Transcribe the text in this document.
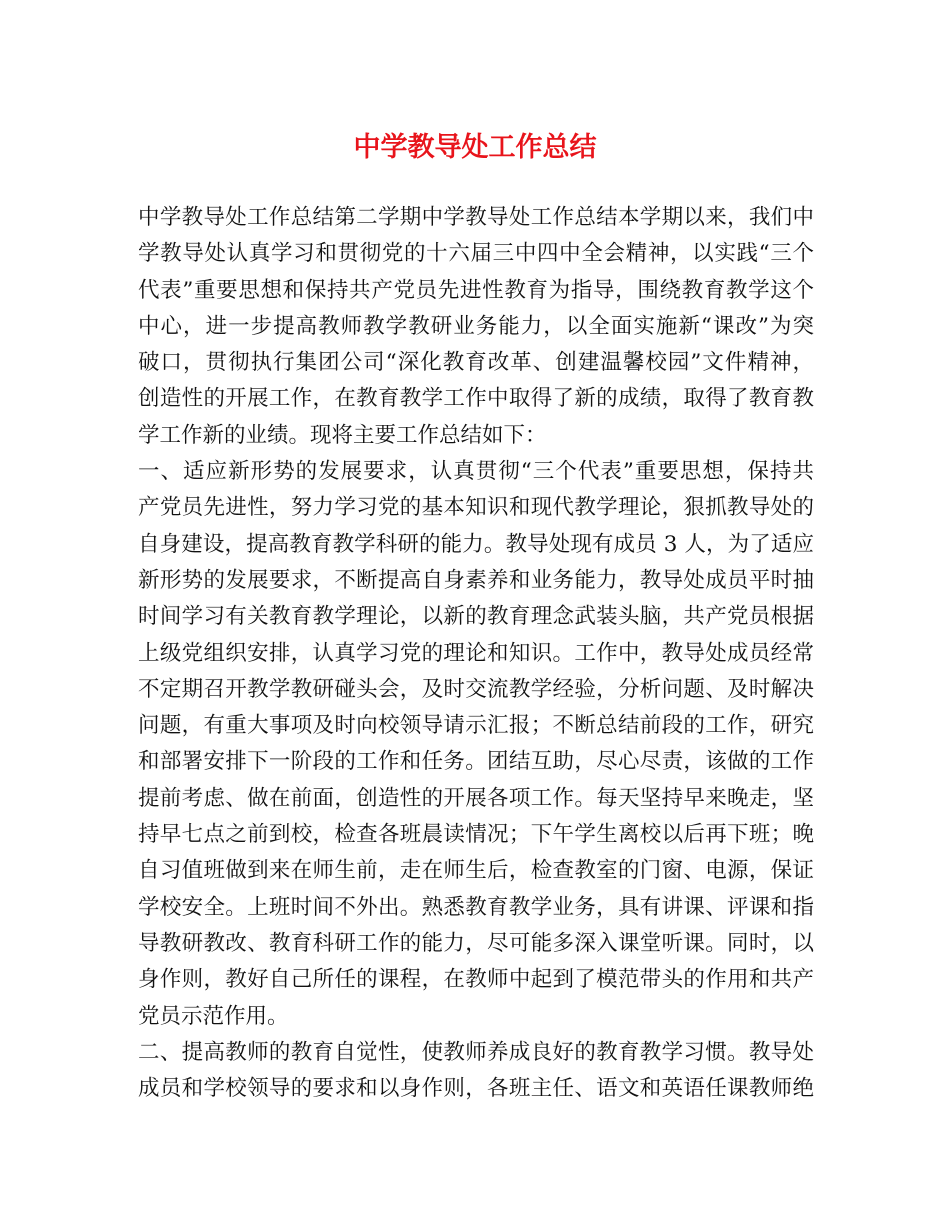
中学教导处工作总结
中学教导处工作总结第二学期中学教导处工作总结本学期以来，我们中
学教导处认真学习和贯彻党的十六届三中四中全会精神，以实践“三个
代表”重要思想和保持共产党员先进性教育为指导，围绕教育教学这个
中心，进一步提高教师教学教研业务能力，以全面实施新“课改”为突
破口，贯彻执行集团公司“深化教育改革、创建温馨校园”文件精神，
创造性的开展工作，在教育教学工作中取得了新的成绩，取得了教育教
学工作新的业绩。现将主要工作总结如下：
一、适应新形势的发展要求，认真贯彻“三个代表”重要思想，保持共
产党员先进性，努力学习党的基本知识和现代教学理论，狠抓教导处的
自身建设，提高教育教学科研的能力。教导处现有成员 3 人，为了适应
新形势的发展要求，不断提高自身素养和业务能力，教导处成员平时抽
时间学习有关教育教学理论，以新的教育理念武装头脑，共产党员根据
上级党组织安排，认真学习党的理论和知识。工作中，教导处成员经常
不定期召开教学教研碰头会，及时交流教学经验，分析问题、及时解决
问题，有重大事项及时向校领导请示汇报；不断总结前段的工作，研究
和部署安排下一阶段的工作和任务。团结互助，尽心尽责，该做的工作
提前考虑、做在前面，创造性的开展各项工作。每天坚持早来晚走，坚
持早七点之前到校，检查各班晨读情况；下午学生离校以后再下班；晚
自习值班做到来在师生前，走在师生后，检查教室的门窗、电源，保证
学校安全。上班时间不外出。熟悉教育教学业务，具有讲课、评课和指
导教研教改、教育科研工作的能力，尽可能多深入课堂听课。同时，以
身作则，教好自己所任的课程，在教师中起到了模范带头的作用和共产
党员示范作用。
二、提高教师的教育自觉性，使教师养成良好的教育教学习惯。教导处
成员和学校领导的要求和以身作则，各班主任、语文和英语任课教师绝
